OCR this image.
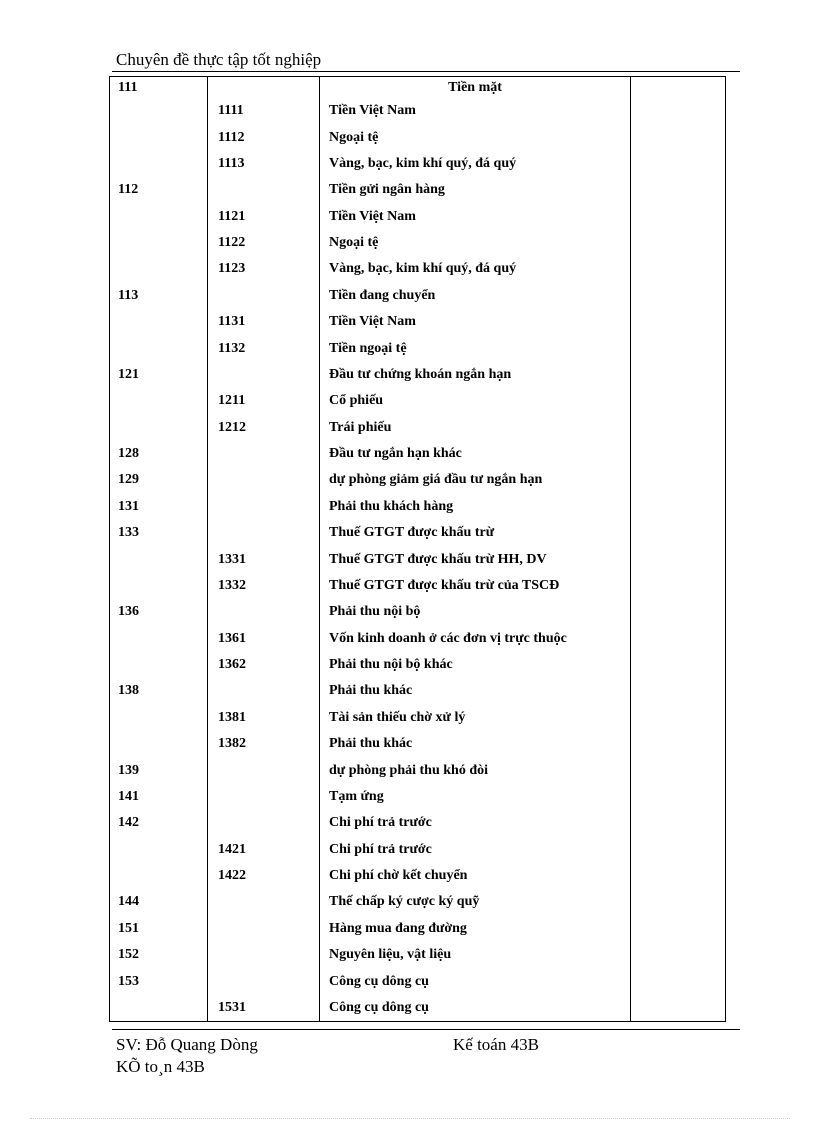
Chuyên đề thực tập tốt nghiệp
111		Tiền mặt	
	1111	Tiền Việt Nam	
	1112	Ngoại tệ	
	1113	Vàng, bạc, kim khí quý, đá quý	
112		Tiền gửi ngân hàng	
	1121	Tiền Việt Nam	
	1122	Ngoại tệ	
	1123	Vàng, bạc, kim khí quý, đá quý	
113		Tiền đang chuyển	
	1131	Tiền Việt Nam	
	1132	Tiền ngoại tệ	
121		Đầu tư chứng khoán ngắn hạn	
	1211	Cổ phiếu	
	1212	Trái phiếu	
128		Đầu tư ngắn hạn khác	
129		dự phòng giảm giá đầu tư ngắn hạn	
131		Phải thu khách hàng	
133		Thuế GTGT được khấu trừ	
	1331	Thuế GTGT được khấu trừ HH, DV	
	1332	Thuế GTGT được khấu trừ của TSCĐ	
136		Phải thu nội bộ	
	1361	Vốn kinh doanh ở các đơn vị trực thuộc	
	1362	Phải thu nội bộ khác	
138		Phải thu khác	
	1381	Tài sản thiếu chờ xử lý	
	1382	Phải thu khác	
139		dự phòng phải thu khó đòi	
141		Tạm ứng	
142		Chi phí trả trước	
	1421	Chi phí trả trước	
	1422	Chi phí chờ kết chuyển	
144		Thế chấp ký cược ký quỹ	
151		Hàng mua đang đường	
152		Nguyên liệu, vật liệu	
153		Công cụ dông cụ	
	1531	Công cụ dông cụ	
SV: Đỗ Quang Dòng	Kế toán 43B
KÕ to¸n 43B
